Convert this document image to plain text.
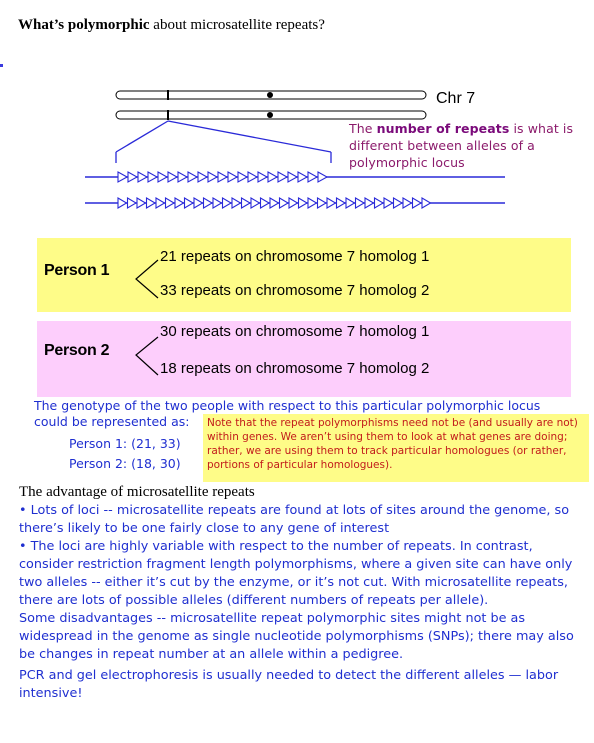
What’s polymorphic about microsatellite repeats?
Chr 7
The number of repeats is what is different between alleles of a polymorphic locus
Person 1
21 repeats on chromosome 7 homolog 1
33 repeats on chromosome 7 homolog 2
Person 2
30 repeats on chromosome 7 homolog 1
18 repeats on chromosome 7 homolog 2
The genotype of the two people with respect to this particular polymorphic locus
could be represented as:
Person 1: (21, 33)
Person 2: (18, 30)
Note that the repeat polymorphisms need not be (and usually are not) within genes. We aren’t using them to look at what genes are doing; rather, we are using them to track particular homologues (or rather, portions of particular homologues).
The advantage of microsatellite repeats

• Lots of loci -- microsatellite repeats are found at lots of sites around the genome, so there’s likely to be one fairly close to any gene of interest

• The loci are highly variable with respect to the number of repeats. In contrast, consider restriction fragment length polymorphisms, where a given site can have only two alleles -- either it’s cut by the enzyme, or it’s not cut. With microsatellite repeats, there are lots of possible alleles (different numbers of repeats per allele).

Some disadvantages -- microsatellite repeat polymorphic sites might not be as widespread in the genome as single nucleotide polymorphisms (SNPs); there may also be changes in repeat number at an allele within a pedigree.

PCR and gel electrophoresis is usually needed to detect the different alleles — labor intensive!
